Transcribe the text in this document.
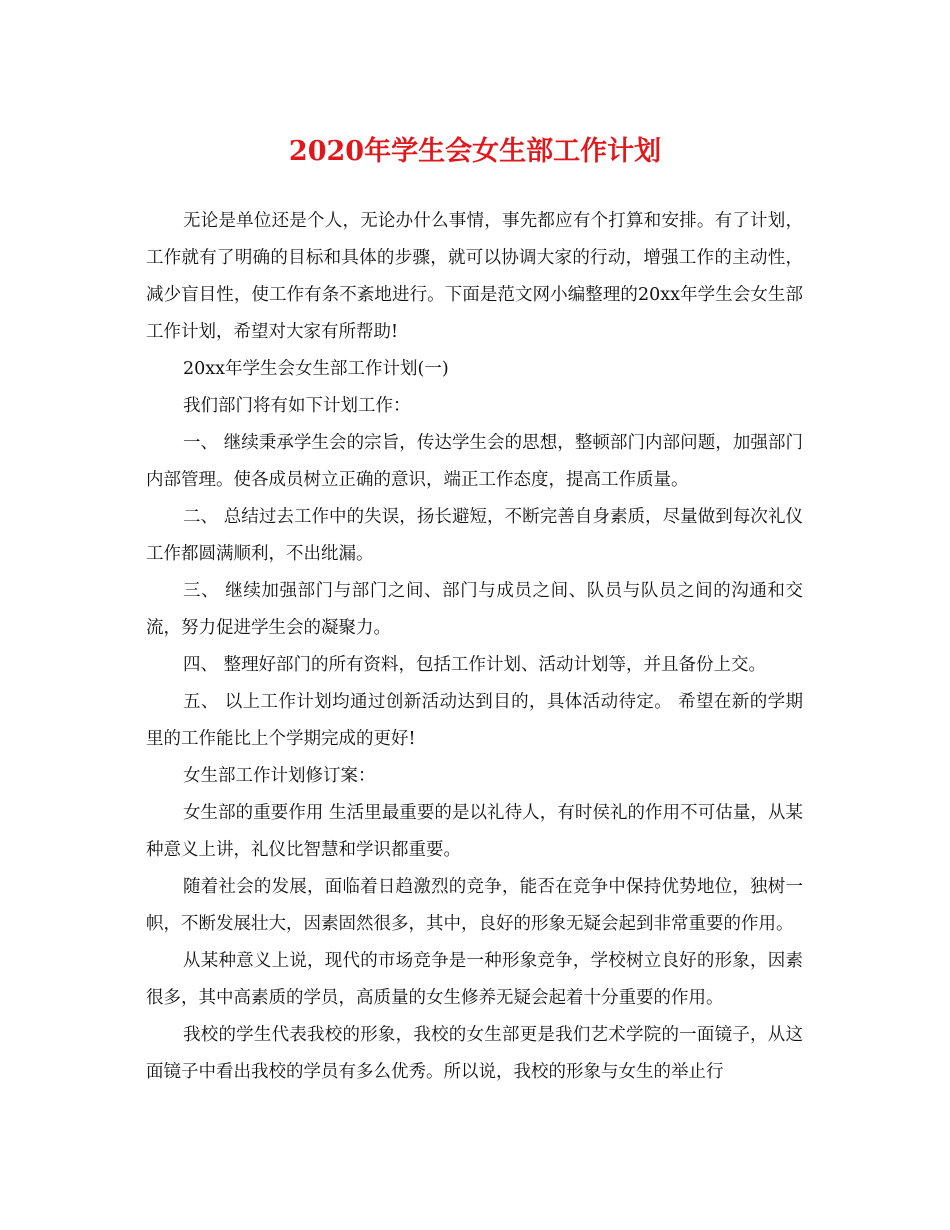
2020年学生会女生部工作计划

无论是单位还是个人，无论办什么事情，事先都应有个打算和安排。有了计划，工作就有了明确的目标和具体的步骤，就可以协调大家的行动，增强工作的主动性，减少盲目性，使工作有条不紊地进行。下面是范文网小编整理的20xx年学生会女生部工作计划，希望对大家有所帮助!

20xx年学生会女生部工作计划(一)

我们部门将有如下计划工作：

一、 继续秉承学生会的宗旨，传达学生会的思想，整顿部门内部问题，加强部门内部管理。使各成员树立正确的意识，端正工作态度，提高工作质量。

二、 总结过去工作中的失误，扬长避短，不断完善自身素质，尽量做到每次礼仪工作都圆满顺利，不出纰漏。

三、 继续加强部门与部门之间、部门与成员之间、队员与队员之间的沟通和交流，努力促进学生会的凝聚力。

四、 整理好部门的所有资料，包括工作计划、活动计划等，并且备份上交。

五、 以上工作计划均通过创新活动达到目的，具体活动待定。 希望在新的学期里的工作能比上个学期完成的更好!

女生部工作计划修订案：

女生部的重要作用 生活里最重要的是以礼待人，有时侯礼的作用不可估量，从某种意义上讲，礼仪比智慧和学识都重要。

随着社会的发展，面临着日趋激烈的竞争，能否在竞争中保持优势地位，独树一帜，不断发展壮大，因素固然很多，其中，良好的形象无疑会起到非常重要的作用。

从某种意义上说，现代的市场竞争是一种形象竞争，学校树立良好的形象，因素很多，其中高素质的学员，高质量的女生修养无疑会起着十分重要的作用。

我校的学生代表我校的形象，我校的女生部更是我们艺术学院的一面镜子，从这面镜子中看出我校的学员有多么优秀。所以说，我校的形象与女生的举止行
